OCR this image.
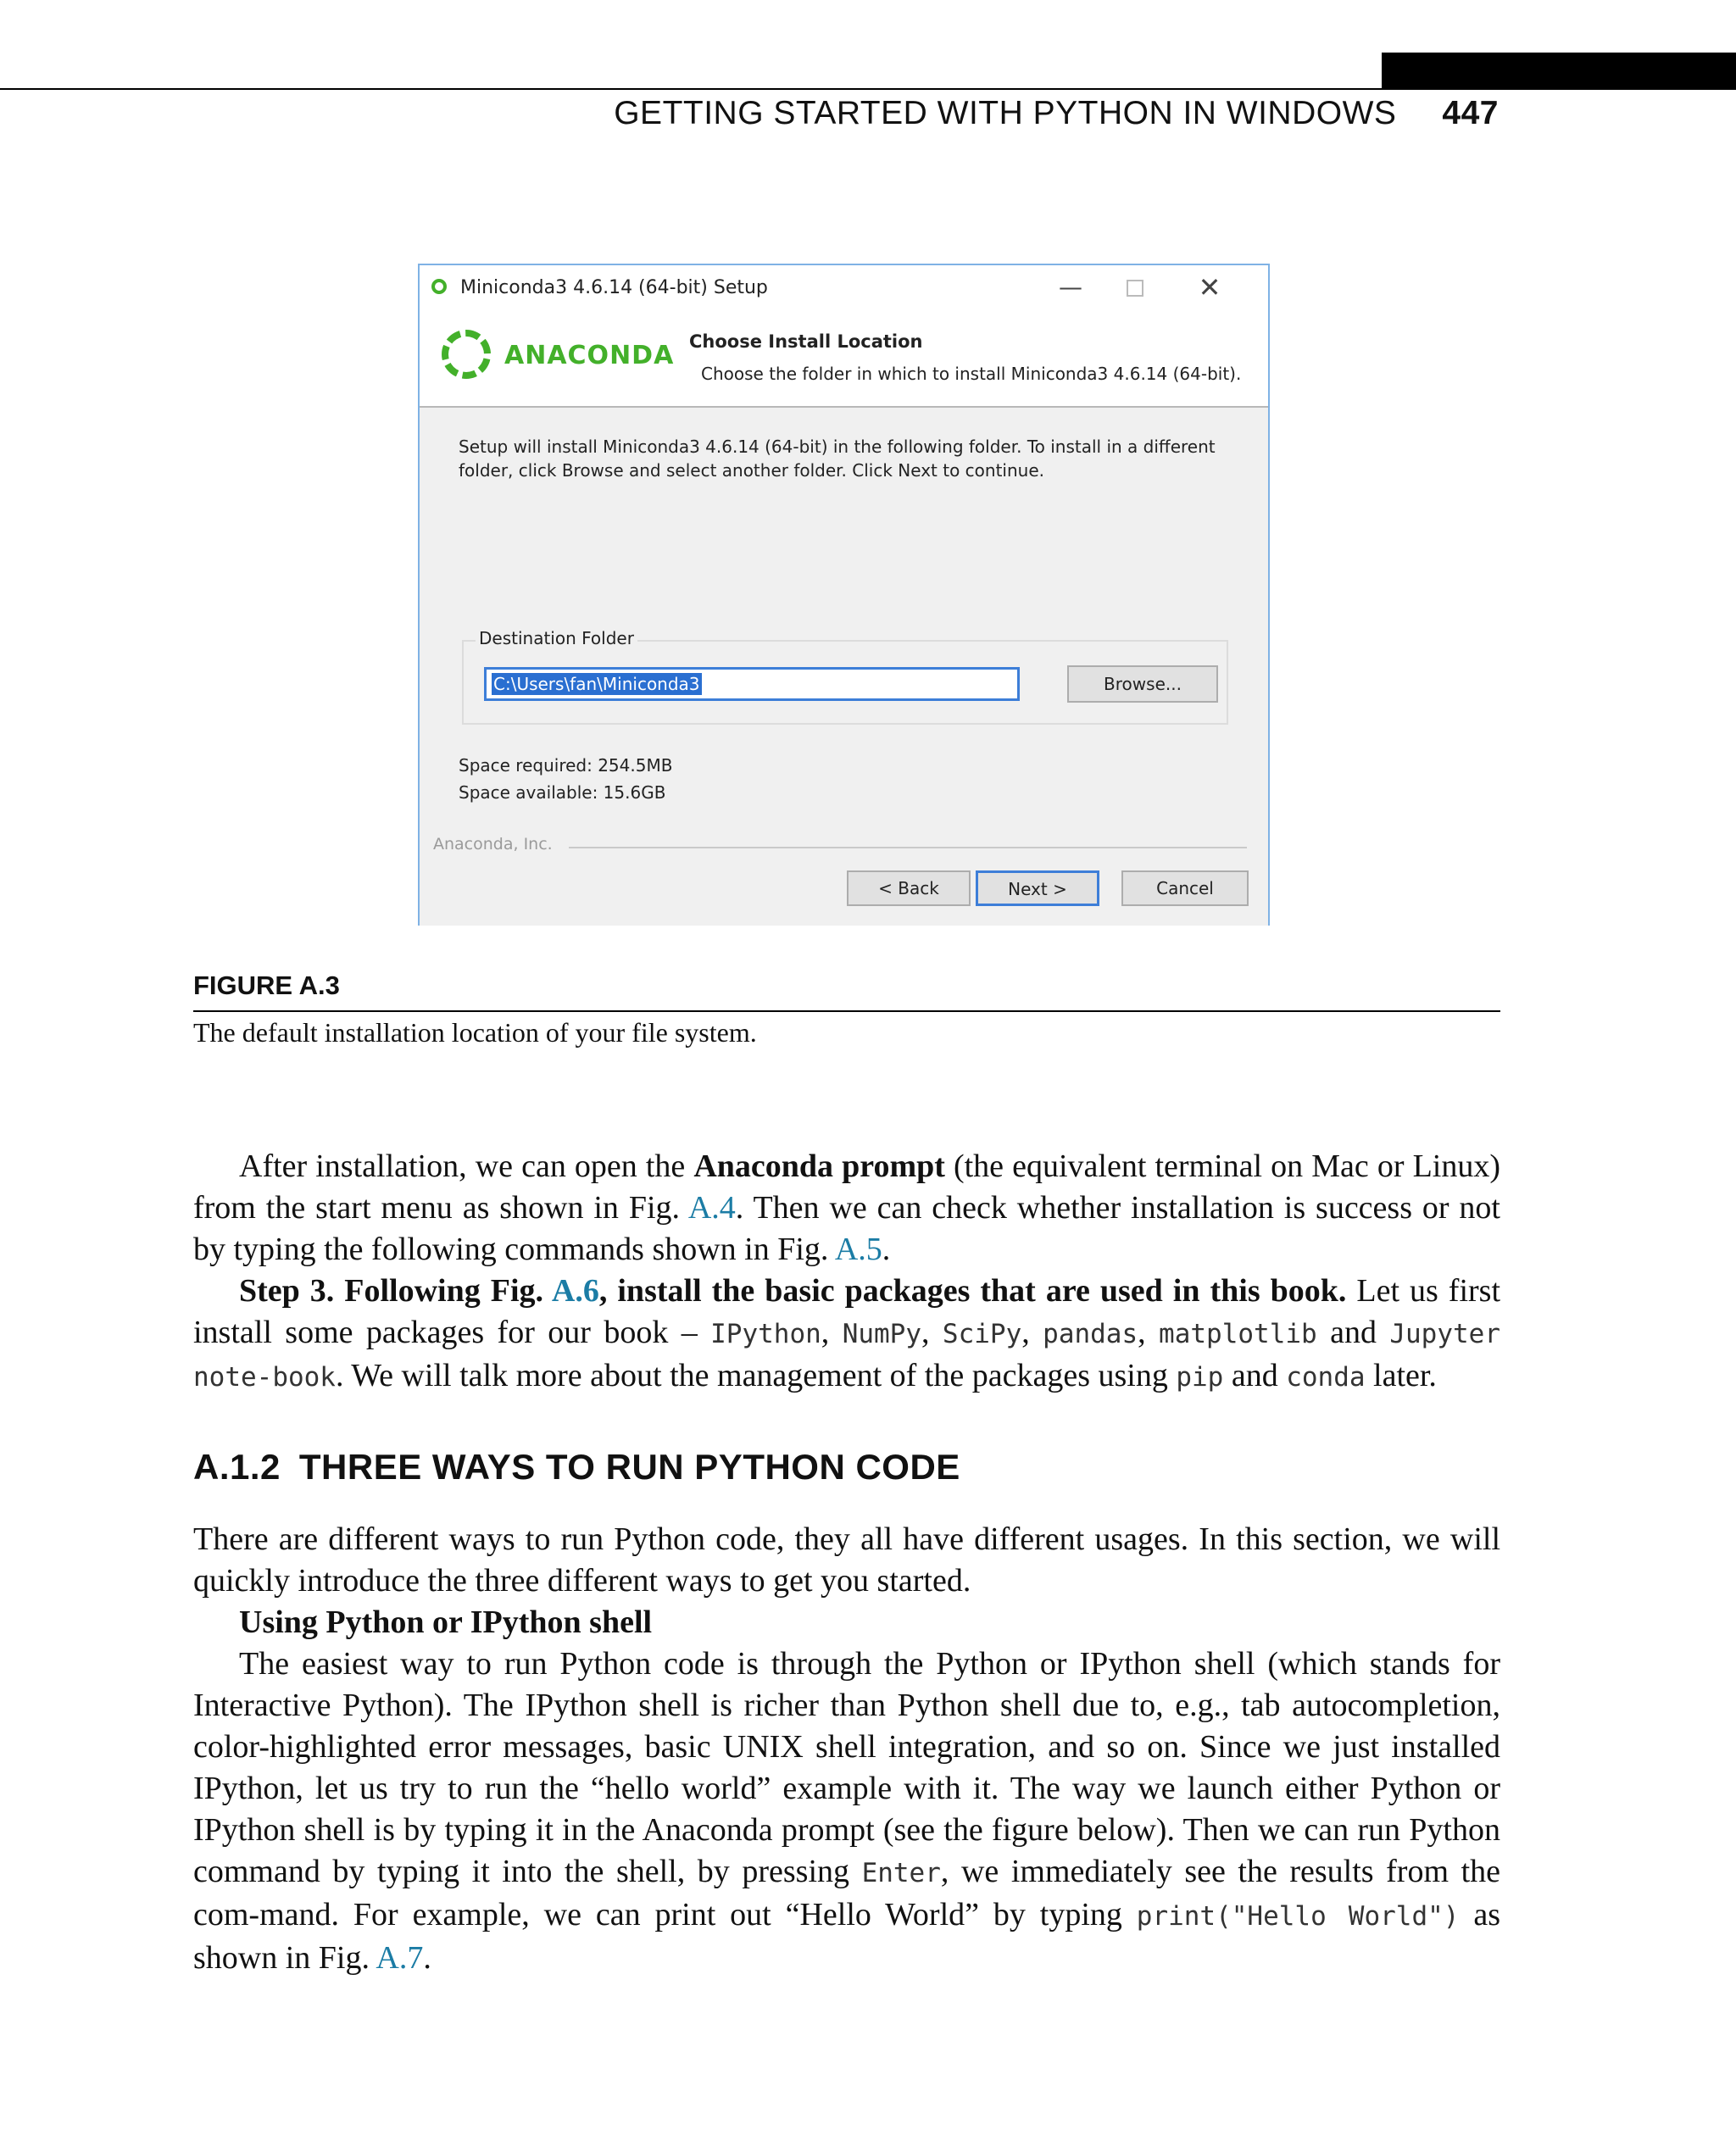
GETTING STARTED WITH PYTHON IN WINDOWS 447
Miniconda3 4.6.14 (64-bit) Setup	—	✕
ANACONDA Choose Install Location
Choose the folder in which to install Miniconda3 4.6.14 (64-bit).
Setup will install Miniconda3 4.6.14 (64-bit) in the following folder. To install in a different folder, click Browse and select another folder. Click Next to continue.
Destination Folder
C:\Users\fan\Miniconda3	Browse...
Space required: 254.5MB
Space available: 15.6GB
Anaconda, Inc.
< Back	Next >	Cancel
FIGURE A.3
The default installation location of your file system.

After installation, we can open the Anaconda prompt (the equivalent terminal on Mac or Linux) from the start menu as shown in Fig. A.4. Then we can check whether installation is success or not by typing the following commands shown in Fig. A.5.

Step 3. Following Fig. A.6, install the basic packages that are used in this book. Let us first install some packages for our book – IPython, NumPy, SciPy, pandas, matplotlib and Jupyter note-book. We will talk more about the management of the packages using pip and conda later.

A.1.2 THREE WAYS TO RUN PYTHON CODE

There are different ways to run Python code, they all have different usages. In this section, we will quickly introduce the three different ways to get you started.

Using Python or IPython shell

The easiest way to run Python code is through the Python or IPython shell (which stands for Interactive Python). The IPython shell is richer than Python shell due to, e.g., tab autocompletion, color-highlighted error messages, basic UNIX shell integration, and so on. Since we just installed IPython, let us try to run the “hello world” example with it. The way we launch either Python or IPython shell is by typing it in the Anaconda prompt (see the figure below). Then we can run Python command by typing it into the shell, by pressing Enter, we immediately see the results from the com-mand. For example, we can print out “Hello World” by typing print("Hello World") as shown in Fig. A.7.
